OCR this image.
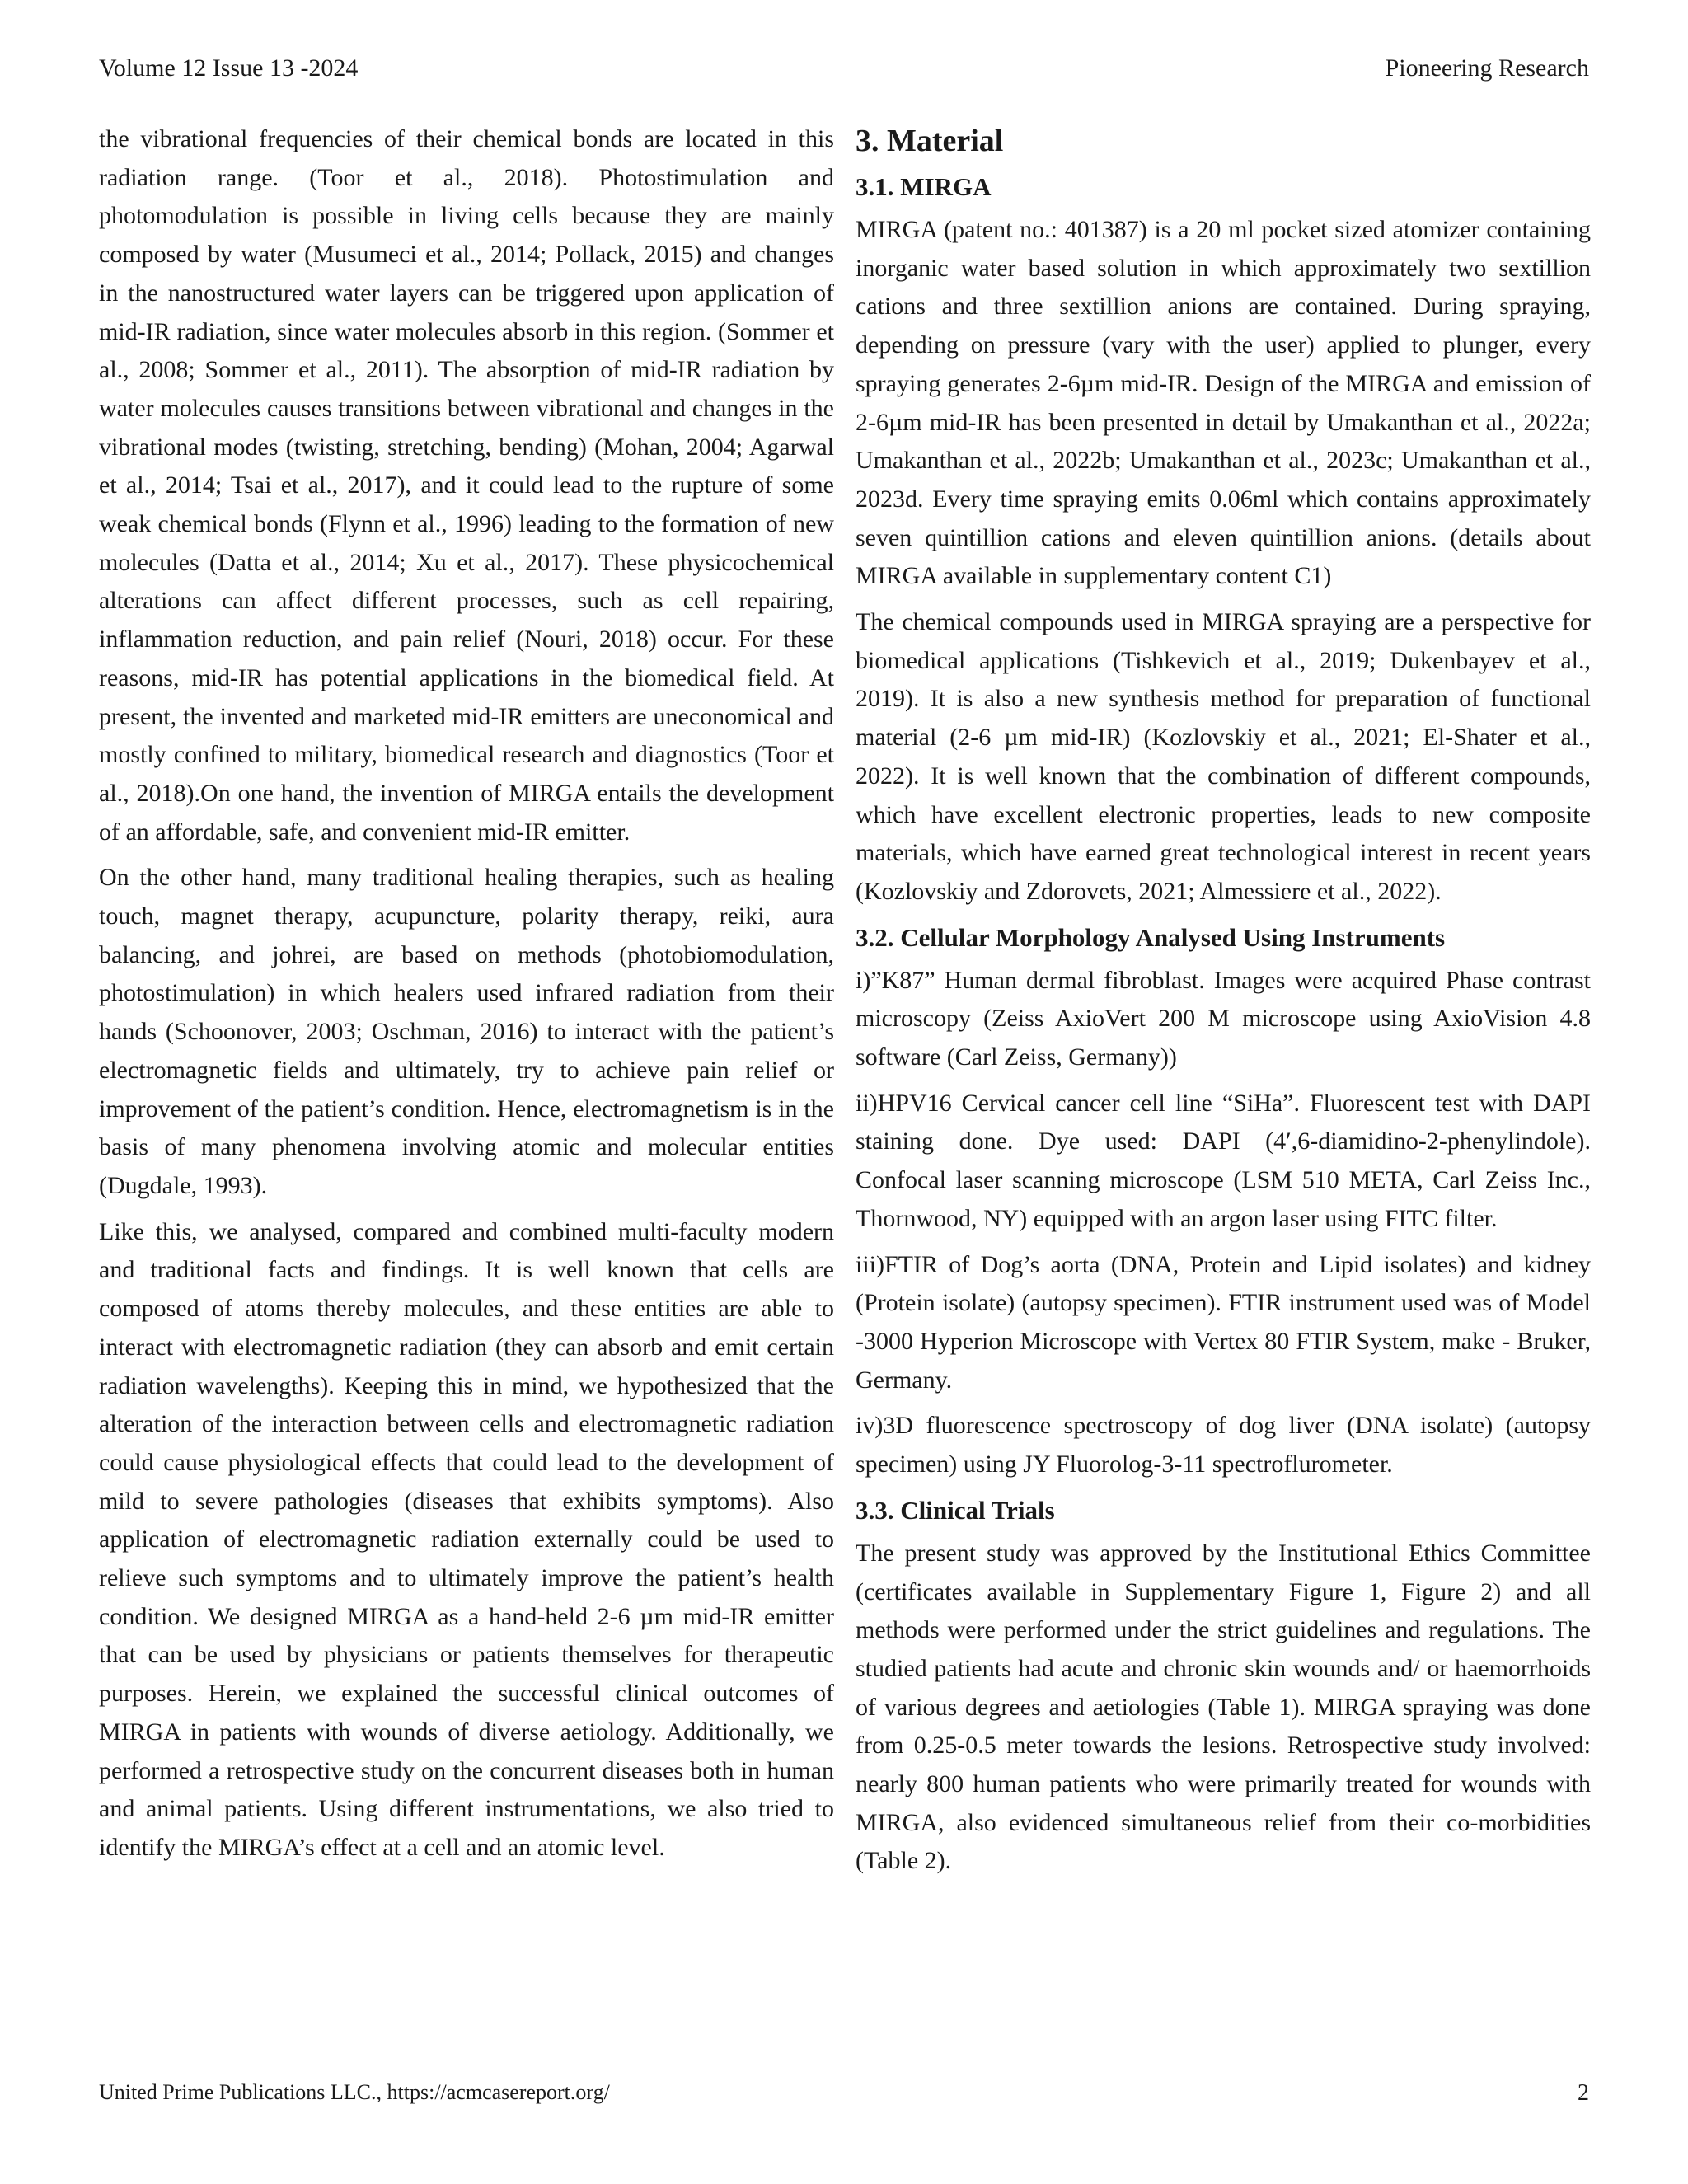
Volume 12 Issue 13 -2024	Pioneering Research

the vibrational frequencies of their chemical bonds are located in this radiation range. (Toor et al., 2018). Photostimulation and photomodulation is possible in living cells because they are mainly composed by water (Musumeci et al., 2014; Pollack, 2015) and changes in the nanostructured water layers can be triggered upon application of mid-IR radiation, since water molecules absorb in this region. (Sommer et al., 2008; Sommer et al., 2011). The absorption of mid-IR radiation by water molecules causes transitions between vibrational and changes in the vibrational modes (twisting, stretching, bending) (Mohan, 2004; Agarwal et al., 2014; Tsai et al., 2017), and it could lead to the rupture of some weak chemical bonds (Flynn et al., 1996) leading to the formation of new molecules (Datta et al., 2014; Xu et al., 2017). These physicochemical alterations can affect different processes, such as cell repairing, inflammation reduction, and pain relief (Nouri, 2018) occur. For these reasons, mid-IR has potential applications in the biomedical field. At present, the invented and marketed mid-IR emitters are uneconomical and mostly confined to military, biomedical research and diagnostics (Toor et al., 2018).On one hand, the invention of MIRGA entails the development of an affordable, safe, and convenient mid-IR emitter.

On the other hand, many traditional healing therapies, such as healing touch, magnet therapy, acupuncture, polarity therapy, reiki, aura balancing, and johrei, are based on methods (photobiomodulation, photostimulation) in which healers used infrared radiation from their hands (Schoonover, 2003; Oschman, 2016) to interact with the patient’s electromagnetic fields and ultimately, try to achieve pain relief or improvement of the patient’s condition. Hence, electromagnetism is in the basis of many phenomena involving atomic and molecular entities (Dugdale, 1993).

Like this, we analysed, compared and combined multi-faculty modern and traditional facts and findings. It is well known that cells are composed of atoms thereby molecules, and these entities are able to interact with electromagnetic radiation (they can absorb and emit certain radiation wavelengths). Keeping this in mind, we hypothesized that the alteration of the interaction between cells and electromagnetic radiation could cause physiological effects that could lead to the development of mild to severe pathologies (diseases that exhibits symptoms). Also application of electromagnetic radiation externally could be used to relieve such symptoms and to ultimately improve the patient’s health condition. We designed MIRGA as a hand-held 2-6 µm mid-IR emitter that can be used by physicians or patients themselves for therapeutic purposes. Herein, we explained the successful clinical outcomes of MIRGA in patients with wounds of diverse aetiology. Additionally, we performed a retrospective study on the concurrent diseases both in human and animal patients. Using different instrumentations, we also tried to identify the MIRGA’s effect at a cell and an atomic level.

3. Material
3.1. MIRGA

MIRGA (patent no.: 401387) is a 20 ml pocket sized atomizer containing inorganic water based solution in which approximately two sextillion cations and three sextillion anions are contained. During spraying, depending on pressure (vary with the user) applied to plunger, every spraying generates 2-6µm mid-IR. Design of the MIRGA and emission of 2-6µm mid-IR has been presented in detail by Umakanthan et al., 2022a; Umakanthan et al., 2022b; Umakanthan et al., 2023c; Umakanthan et al., 2023d. Every time spraying emits 0.06ml which contains approximately seven quintillion cations and eleven quintillion anions. (details about MIRGA available in supplementary content C1)

The chemical compounds used in MIRGA spraying are a perspective for biomedical applications (Tishkevich et al., 2019; Dukenbayev et al., 2019). It is also a new synthesis method for preparation of functional material (2-6 µm mid-IR) (Kozlovskiy et al., 2021; El-Shater et al., 2022). It is well known that the combination of different compounds, which have excellent electronic properties, leads to new composite materials, which have earned great technological interest in recent years (Kozlovskiy and Zdorovets, 2021; Almessiere et al., 2022).

3.2. Cellular Morphology Analysed Using Instruments

i)”K87” Human dermal fibroblast. Images were acquired Phase contrast microscopy (Zeiss AxioVert 200 M microscope using AxioVision 4.8 software (Carl Zeiss, Germany))

ii)HPV16 Cervical cancer cell line “SiHa”. Fluorescent test with DAPI staining done. Dye used: DAPI (4′,6-diamidino-2-phenylindole). Confocal laser scanning microscope (LSM 510 META, Carl Zeiss Inc., Thornwood, NY) equipped with an argon laser using FITC filter.

iii)FTIR of Dog’s aorta (DNA, Protein and Lipid isolates) and kidney (Protein isolate) (autopsy specimen). FTIR instrument used was of Model -3000 Hyperion Microscope with Vertex 80 FTIR System, make - Bruker, Germany.

iv)3D fluorescence spectroscopy of dog liver (DNA isolate) (autopsy specimen) using JY Fluorolog-3-11 spectroflurometer.

3.3. Clinical Trials

The present study was approved by the Institutional Ethics Committee (certificates available in Supplementary Figure 1, Figure 2) and all methods were performed under the strict guidelines and regulations. The studied patients had acute and chronic skin wounds and/ or haemorrhoids of various degrees and aetiologies (Table 1). MIRGA spraying was done from 0.25-0.5 meter towards the lesions. Retrospective study involved: nearly 800 human patients who were primarily treated for wounds with MIRGA, also evidenced simultaneous relief from their co-morbidities (Table 2).

United Prime Publications LLC., https://acmcasereport.org/	2
